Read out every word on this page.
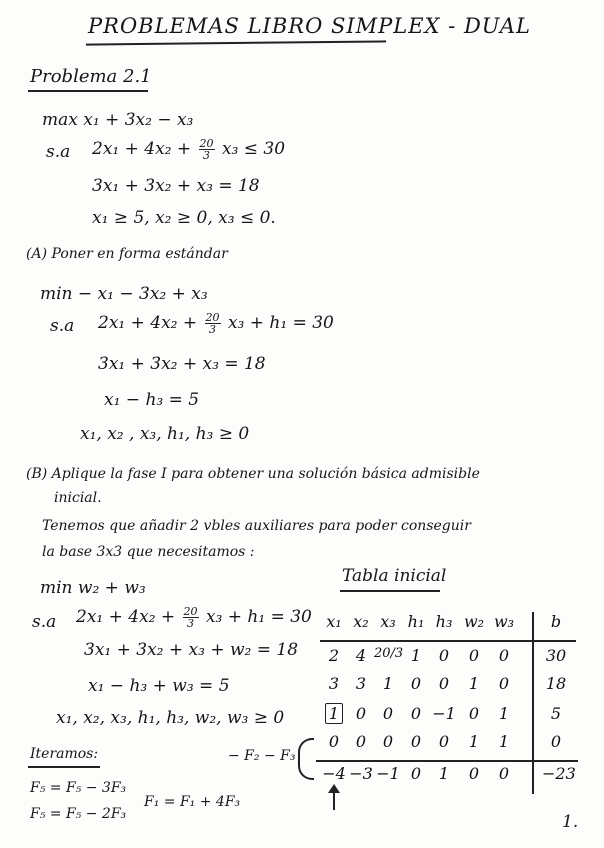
PROBLEMAS LIBRO SIMPLEX - DUAL
Problema 2.1
max x₁ + 3x₂ − x₃
s.a $2x_1 + 4x_2 + \frac{20}{3} x_3 \le 30$
3x₁ + 3x₂ + x₃ = 18
x₁ ≥ 5, x₂ ≥ 0, x₃ ≤ 0.
(A) Poner en forma estándar
min − x₁ − 3x₂ + x₃
s.a $2x_1 + 4x_2 + \frac{20}{3} x_3 + h_1 = 30$
3x₁ + 3x₂ + x₃ = 18
x₁ − h₃ = 5
x₁, x₂ , x₃, h₁, h₃ ≥ 0
(B) Aplique la fase I para obtener una solución básica admisible
inicial.
Tenemos que añadir 2 vbles auxiliares para poder conseguir
la base 3x3 que necesitamos :
min w₂ + w₃
s.a $2x_1 + 4x_2 + \frac{20}{3} x_3 + h_1 = 30$
3x₁ + 3x₂ + x₃ + w₂ = 18
x₁ − h₃ + w₃ = 5
x₁, x₂, x₃, h₁, h₃, w₂, w₃ ≥ 0
Iteramos:
F₅ = F₅ − 3F₃
F₅ = F₅ − 2F₃
F₁ = F₁ + 4F₃
− F₂ − F₃
Tabla inicial
x₁ x₂ x₃ h₁ h₃ w₂ w₃	b
2	4 20/3 1	0	0	0	30
3	3	1	0	0	1	0	18
1	0	0	0 −1 0	1	5
0	0	0	0	0	1	1	0
−4 −3 −1 0	1	0	0	−23
1.
